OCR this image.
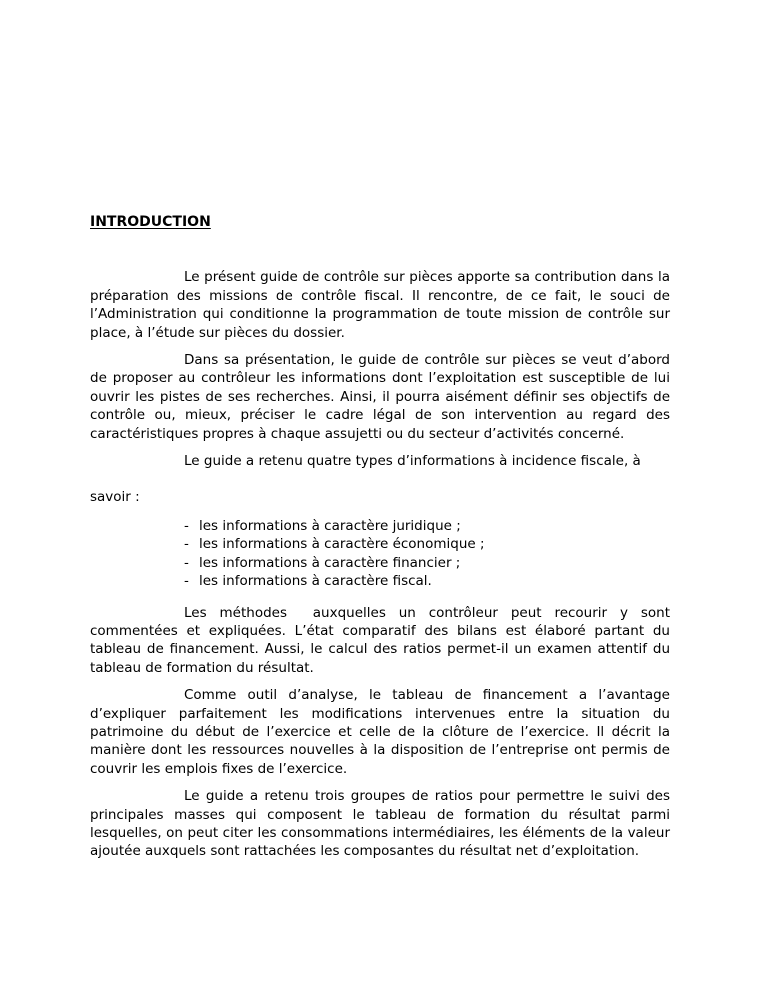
INTRODUCTION

Le présent guide de contrôle sur pièces apporte sa contribution dans la préparation des missions de contrôle fiscal. Il rencontre, de ce fait, le souci de l’Administration qui conditionne la programmation de toute mission de contrôle sur place, à l’étude sur pièces du dossier.

Dans sa présentation, le guide de contrôle sur pièces se veut d’abord de proposer au contrôleur les informations dont l’exploitation est susceptible de lui ouvrir les pistes de ses recherches. Ainsi, il pourra aisément définir ses objectifs de contrôle ou, mieux, préciser le cadre légal de son intervention au regard des caractéristiques propres à chaque assujetti ou du secteur d’activités concerné.

Le guide a retenu quatre types d’informations à incidence fiscale, à

savoir :
- les informations à caractère juridique ;
- les informations à caractère économique ;
- les informations à caractère financier ;
- les informations à caractère fiscal.

Les méthodes  auxquelles un contrôleur peut recourir y sont commentées et expliquées. L’état comparatif des bilans est élaboré partant du tableau de financement. Aussi, le calcul des ratios permet-il un examen attentif du tableau de formation du résultat.

Comme outil d’analyse, le tableau de financement a l’avantage d’expliquer parfaitement les modifications intervenues entre la situation du patrimoine du début de l’exercice et celle de la clôture de l’exercice. Il décrit la manière dont les ressources nouvelles à la disposition de l’entreprise ont permis de couvrir les emplois fixes de l’exercice.

Le guide a retenu trois groupes de ratios pour permettre le suivi des principales masses qui composent le tableau de formation du résultat parmi lesquelles, on peut citer les consommations intermédiaires, les éléments de la valeur ajoutée auxquels sont rattachées les composantes du résultat net d’exploitation.
